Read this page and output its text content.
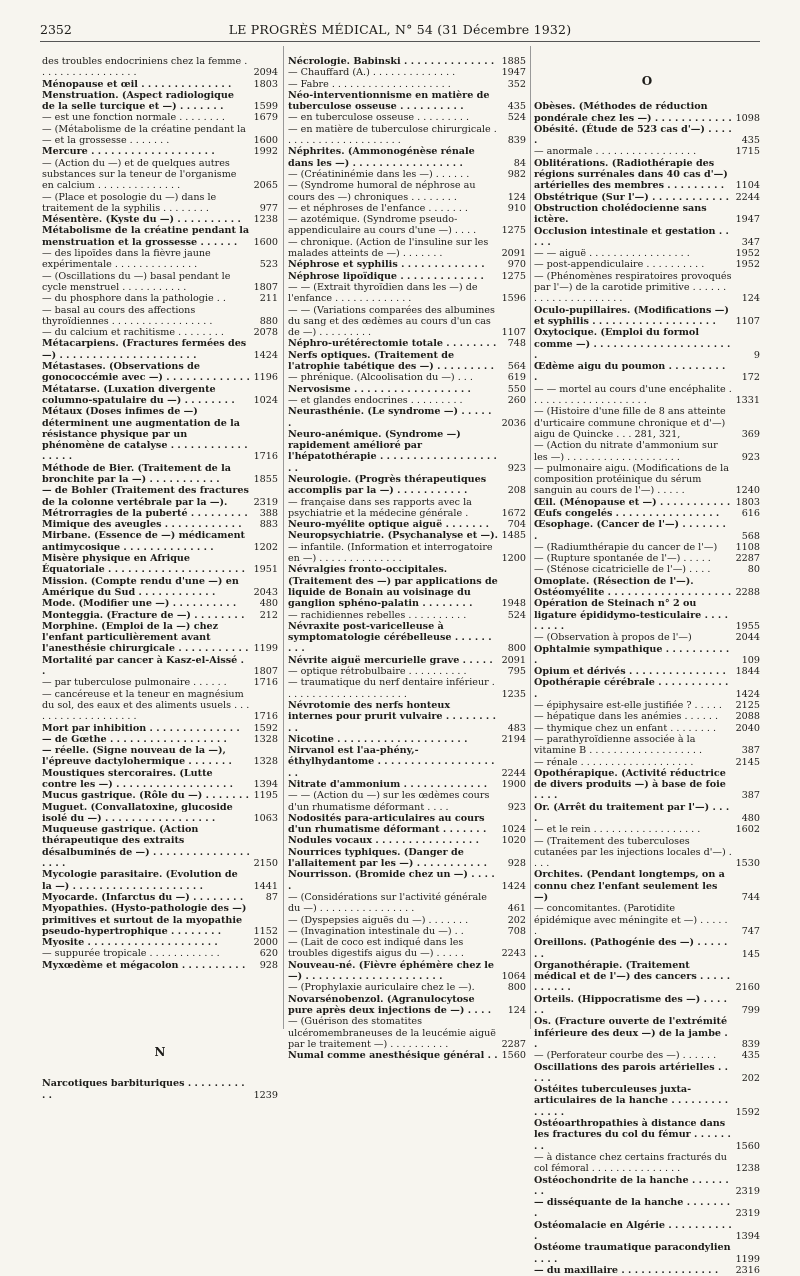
2352	LE PROGRÈS MÉDICAL, N° 54 (31 Décembre 1932)
des troubles endocriniens chez la femme . . . . . . . . . . . . . . . . .	2094
Ménopause et œil . . . . . . . . . . . . . .	1803
Menstruation. (Aspect radiologique de la selle turcique et —) . . . . . . .	1599
— est une fonction normale . . . . . . . .	1679
— (Métabolisme de la créatine pendant la — et la grossesse . . . . . . .	1600
Mercure . . . . . . . . . . . . . . . . . . .	1992
— (Action du —) et de quelques autres substances sur la teneur de l'organisme en calcium . . . . . . . . . . . . . .	2065
— (Place et posologie du —) dans le traitement de la syphilis . . . . . . . .	977
Mésentère. (Kyste du —) . . . . . . . . . .	1238
Métabolisme de la créatine pendant la menstruation et la grossesse . . . . . .	1600
— des lipoïdes dans la fièvre jaune expérimentale . . . . . . . . . . . . . .	523
— (Oscillations du —) basal pendant le cycle menstruel . . . . . . . . . . .	1807
— du phosphore dans la pathologie . .	211
— basal au cours des affections thyroïdiennes . . . . . . . . . . . . . . . . .	880
— du calcium et rachitisme . . . . . . . .	2078
Métacarpiens. (Fractures fermées des —) . . . . . . . . . . . . . . . . . . . . .	1424
Métastases. (Observations de gonococcémie avec —) . . . . . . . . . . . . . 1196
Métatarse. (Luxation divergente columno-spatulaire du —) . . . . . . . .	1024
Métaux (Doses infimes de —) déterminent une augmentation de la résistance physique par un phénomène de catalyse . . . . . . . . . . . . . . . . .	1716
Méthode de Bier. (Traitement de la bronchite par la —) . . . . . . . . . . .	1855
— de Bohler (Traitement des fractures de la colonne vertébrale par la —).	2319
Métrorragies de la puberté . . . . . . . . .	388
Mimique des aveugles . . . . . . . . . . . .	883
Mirbane. (Essence de —) médicament antimycosique . . . . . . . . . . . . . .	1202
Misère physique en Afrique Équatoriale . . . . . . . . . . . . . . . . . . . . . 1951
Mission. (Compte rendu d'une —) en Amérique du Sud . . . . . . . . . . . .	2043
Mode. (Modifier une —) . . . . . . . . . .	480
Monteggia. (Fracture de —) . . . . . . . .	212
Morphine. (Emploi de la —) chez l'enfant particulièrement avant l'anesthésie chirurgicale . . . . . . . . . . . 1199
Mortalité par cancer à Kasz-el-Aissé . .	1807
— par tuberculose pulmonaire . . . . . .	1716
— cancéreuse et la teneur en magnésium du sol, des eaux et des aliments usuels . . . . . . . . . . . . . . . . . . .	1716
Mort par inhibition . . . . . . . . . . . . . .	1592
— de Gœthe . . . . . . . . . . . . . . . . . .	1328
— réelle. (Signe nouveau de la —), l'épreuve dactylohermique . . . . . . .	1328
Moustiques stercoraires. (Lutte contre les —) . . . . . . . . . . . . . . . . . .	1394
Mucus gastrique. (Rôle du —) . . . . . . . 1195
Muguet. (Convallatoxine, glucoside isolé du —) . . . . . . . . . . . . . . . . .	1063
Muqueuse gastrique. (Action thérapeutique des extraits désalbuminés de —) . . . . . . . . . . . . . . . . . . .	2150
Mycologie parasitaire. (Evolution de la —) . . . . . . . . . . . . . . . . . . . .	1441
Myocarde. (Infarctus du —) . . . . . . . .	87
Myopathies. (Hysto-pathologie des —) primitives et surtout de la myopathie pseudo-hypertrophique . . . . . . . .	1152
Myosite . . . . . . . . . . . . . . . . . . . .	2000
— suppurée tropicale . . . . . . . . . . . .	620
Myxœdème et mégacolon . . . . . . . . . .	928
N
Narcotiques barbituriques . . . . . . . . . . .	1239
Nécrologie. Babinski . . . . . . . . . . . . . . 1885
— Chauffard (A.) . . . . . . . . . . . . . .	1947
— Fabre . . . . . . . . . . . . . . . . . . . .	352
Néo-interventionnisme en matière de tuberculose osseuse . . . . . . . . . .	435
— en tuberculose osseuse . . . . . . . . .	524
— en matière de tuberculose chirurgicale . . . . . . . . . . . . . . . . . . . .	839
Néphrites. (Ammonogénèse rénale dans les —) . . . . . . . . . . . . . . . . .	84
— (Créatininémie dans les —) . . . . . .	982
— (Syndrome humoral de néphrose au cours des —) chroniques . . . . . . . .	124
— et néphroses de l'enfance . . . . . . .	910
— azotémique. (Syndrome pseudo-appendiculaire au cours d'une —) . . . .	1275
— chronique. (Action de l'insuline sur les malades atteints de —) . . . . . . .	2091
Néphrose et syphilis . . . . . . . . . . . . .	970
Néphrose lipoïdique . . . . . . . . . . . . .	1275
— — (Extrait thyroïdien dans les —) de l'enfance . . . . . . . . . . . . .	1596
— — (Variations comparées des albumines du sang et des œdèmes au cours d'un cas de —) . . . . . . . . .	1107
Néphro-urétérectomie totale . . . . . . . .	748
Nerfs optiques. (Traitement de l'atrophie tabétique des —) . . . . . . . . .	564
— phrénique. (Alcoolisation du —) . . .	619
Nervosisme . . . . . . . . . . . . . . . . . .	550
— et glandes endocrines . . . . . . . . .	260
Neurasthénie. (Le syndrome —) . . . . . .	2036
Neuro-anémique. (Syndrome —) rapidement amélioré par l'hépatothérapie . . . . . . . . . . . . . . . . . . . .	923
Neurologie. (Progrès thérapeutiques accomplis par la —) . . . . . . . . . . .	208
— française dans ses rapports avec la psychiatrie et la médecine générale .	1672
Neuro-myélite optique aiguë . . . . . . .	704
Neuropsychiatrie. (Psychanalyse et —). 1485
— infantile. (Information et interrogatoire en —) . . . . . . . . . . . . . .	1200
Névralgies fronto-occipitales. (Traitement des —) par applications de liquide de Bonain au voisinage du ganglion sphéno-palatin . . . . . . . .	1948
— rachidiennes rebelles . . . . . . . . . .	524
Névraxite post-varicelleuse à symptomatologie cérébelleuse . . . . . . . . .	800
Névrite aiguë mercurielle grave . . . . . 2091
— optique rétrobulbaire . . . . . . . . . .	795
— traumatique du nerf dentaire inférieur . . . . . . . . . . . . . . . . . . . . .	1235
Névrotomie des nerfs honteux internes pour prurit vulvaire . . . . . . . . . .	483
Nicotine . . . . . . . . . . . . . . . . . . . .	2194
Nirvanol est l'aa-phény,-éthylhydantome . . . . . . . . . . . . . . . . . . . .	2244
Nitrate d'ammonium . . . . . . . . . . . . .	1900
— — (Action du —) sur les œdèmes cours d'un rhumatisme déformant . . . .	923
Nodosités para-articulaires au cours d'un rhumatisme déformant . . . . . . .	1024
Nodules vocaux . . . . . . . . . . . . . . . .	1020
Nourrices typhiques. (Danger de l'allaitement par les —) . . . . . . . . . . .	928
Nourrisson. (Bromide chez un —) . . . . .	1424
— (Considérations sur l'activité générale du —) . . . . . . . . . . . . . . . .	461
— (Dyspepsies aiguës du —) . . . . . . .	202
— (Invagination intestinale du —) . .	708
— (Lait de coco est indiqué dans les troubles digestifs aigus du —) . . . . .	2243
Nouveau-né. (Fièvre éphémère chez le —) . . . . . . . . . . . . . . . . . . . . .	1064
— (Prophylaxie auriculaire chez le —).	800
Novarsénobenzol. (Agranulocytose pure après deux injections de —) . . . .	124
— (Guérison des stomatites ulcéromembraneuses de la leucémie aiguë par le traitement —) . . . . . . . . . .	2287
Numal comme anesthésique général . . 1560
O
Obèses. (Méthodes de réduction pondérale chez les —) . . . . . . . . . . . . 1098
Obésité. (Étude de 523 cas d'—) . . . . .	435
— anormale . . . . . . . . . . . . . . . . .	1715
Oblitérations. (Radiothérapie des régions surrénales dans 40 cas d'—) artérielles des membres . . . . . . . . .	1104
Obstétrique (Sur l'—) . . . . . . . . . . . . 2244
Obstruction cholédocienne sans ictère.	1947
Occlusion intestinale et gestation . . . . .	347
— — aiguë . . . . . . . . . . . . . . . . .	1952
— post-appendiculaire . . . . . . . . . .	1952
— (Phénomènes respiratoires provoqués par l'—) de la carotide primitive . . . . . . . . . . . . . . . . . . . . .	124
Oculo-pupillaires. (Modifications —) et syphilis . . . . . . . . . . . . . . . . . . .	1107
Oxytocique. (Emploi du formol comme —) . . . . . . . . . . . . . . . . . . . . . .	9
Œdème aigu du poumon . . . . . . . . . .	172
— — mortel au cours d'une encéphalite . . . . . . . . . . . . . . . . . . . .	1331
— (Histoire d'une fille de 8 ans atteinte d'urticaire commune chronique et d'—) aigu de Quincke . . . 281, 321,	369
— (Action du nitrate d'ammonium sur les —) . . . . . . . . . . . . . . . . . . .	923
— pulmonaire aigu. (Modifications de la composition protéinique du sérum sanguin au cours de l'—) . . . . .	1240
Œil. (Ménopause et —) . . . . . . . . . . . 1803
Œufs congelés . . . . . . . . . . . . . . . .	616
Œsophage. (Cancer de l'—) . . . . . . . .	568
— (Radiumthérapie du cancer de l'—)	1108
— (Rupture spontanée de l'—) . . . . .	2287
— (Sténose cicatricielle de l'—) . . . .	80
Omoplate. (Résection de l'—). Ostéomyélite . . . . . . . . . . . . . . . . . . . 2288
Opération de Steinach n° 2 ou ligature épididymo-testiculaire . . . . . . . . .	1955
— (Observation à propos de l'—)	2044
Ophtalmie sympathique . . . . . . . . . . .	109
Opium et dérivés . . . . . . . . . . . . . . .	1844
Opothérapie cérébrale . . . . . . . . . . . .	1424
— épiphysaire est-elle justifiée ? . . . . .	2125
— hépatique dans les anémies . . . . . .	2088
— thymique chez un enfant . . . . . . . .	2040
— parathyroïdienne associée à la vitamine B . . . . . . . . . . . . . . . . . . .	387
— rénale . . . . . . . . . . . . . . . . . . .	2145
Opothérapique. (Activité réductrice de divers produits —) à base de foie . . . .	387
Or. (Arrêt du traitement par l'—) . . . .	480
— et le rein . . . . . . . . . . . . . . . . . .	1602
— (Traitement des tuberculoses cutanées par les injections locales d'—) . . . .	1530
Orchites. (Pendant longtemps, on a connu chez l'enfant seulement les —)	744
— concomitantes. (Parotidite épidémique avec méningite et —) . . . . . .	747
Oreillons. (Pathogénie des —) . . . . . . .	145
Organothérapie. (Traitement médical et de l'—) des cancers . . . . . . . . . . .	2160
Orteils. (Hippocratisme des —) . . . . . .	799
Os. (Fracture ouverte de l'extrémité inférieure des deux —) de la jambe . .	839
— (Perforateur courbe des —) . . . . . .	435
Oscillations des parois artérielles . . . . .	202
Ostéites tuberculeuses juxta-articulaires de la hanche . . . . . . . . . . . . . .	1592
Ostéoarthropathies à distance dans les fractures du col du fémur . . . . . . . .	1560
— à distance chez certains fracturés du col fémoral . . . . . . . . . . . . . . .	1238
Ostéochondrite de la hanche . . . . . . . .	2319
— disséquante de la hanche . . . . . . . .	2319
Ostéomalacie en Algérie . . . . . . . . . . .	1394
Ostéome traumatique paracondylien . . . .	1199
— du maxillaire . . . . . . . . . . . . . . .	2316
